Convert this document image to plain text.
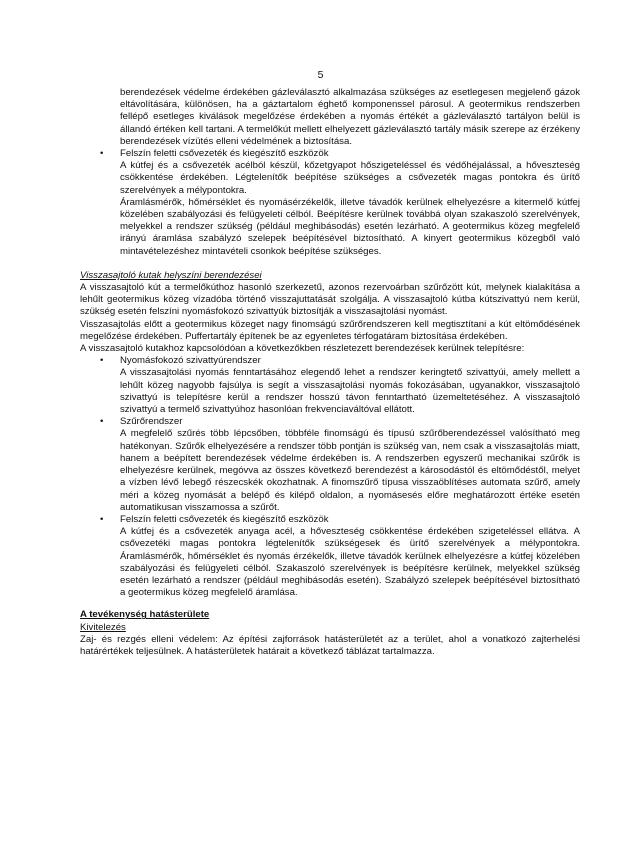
5

berendezések védelme érdekében gázleválasztó alkalmazása szükséges az esetlegesen megjelenő gázok eltávolítására, különösen, ha a gáztartalom éghető komponenssel párosul. A geotermikus rendszerben fellépő esetleges kiválások megelőzése érdekében a nyomás értékét a gázleválasztó tartályon belül is állandó értéken kell tartani. A termelőkút mellett elhelyezett gázleválasztó tartály másik szerepe az érzékeny berendezések vízütés elleni védelmének a biztosítása.

• Felszín feletti csővezeték és kiegészítő eszközök

A kútfej és a csővezeték acélból készül, kőzetgyapot hőszigeteléssel és védőhéjalással, a hőveszteség csökkentése érdekében. Légtelenítők beépítése szükséges a csővezeték magas pontokra és ürítő szerelvények a mélypontokra.

Áramlásmérők, hőmérséklet és nyomásérzékelők, illetve távadók kerülnek elhelyezésre a kitermelő kútfej közelében szabályozási és felügyeleti célból. Beépítésre kerülnek továbbá olyan szakaszoló szerelvények, melyekkel a rendszer szükség (például meghibásodás) esetén lezárható. A geotermikus közeg megfelelő irányú áramlása szabályzó szelepek beépítésével biztosítható. A kinyert geotermikus közegből való mintavételezéshez mintavételi csonkok beépítése szükséges.

Visszasajtoló kutak helyszíni berendezései

A visszasajtoló kút a termelőkúthoz hasonló szerkezetű, azonos rezervoárban szűrőzött kút, melynek kialakítása a lehűlt geotermikus közeg vízadóba történő visszajuttatását szolgálja. A visszasajtoló kútba kútszivattyú nem kerül, szükség esetén felszíni nyomásfokozó szivattyúk biztosítják a visszasajtolási nyomást.

Visszasajtolás előtt a geotermikus közeget nagy finomságú szűrőrendszeren kell megtisztítani a kút eltömődésének megelőzése érdekében. Puffertartály építenek be az egyenletes térfogatáram biztosítása érdekében.

A visszasajtoló kutakhoz kapcsolódóan a következőkben részletezett berendezések kerülnek telepítésre:

• Nyomásfokozó szivattyúrendszer

A visszasajtolási nyomás fenntartásához elegendő lehet a rendszer keringtető szivattyúi, amely mellett a lehűlt közeg nagyobb fajsúlya is segít a visszasajtolási nyomás fokozásában, ugyanakkor, visszasajtoló szivattyú is telepítésre kerül a rendszer hosszú távon fenntartható üzemeltetéséhez. A visszasajtoló szivattyú a termelő szivattyúhoz hasonlóan frekvenciaváltóval ellátott.

• Szűrőrendszer

A megfelelő szűrés több lépcsőben, többféle finomságú és típusú szűrőberendezéssel valósítható meg hatékonyan. Szűrők elhelyezésére a rendszer több pontján is szükség van, nem csak a visszasajtolás miatt, hanem a beépített berendezések védelme érdekében is. A rendszerben egyszerű mechanikai szűrők is elhelyezésre kerülnek, megóvva az összes következő berendezést a károsodástól és eltömődéstől, melyet a vízben lévő lebegő részecskék okozhatnak. A finomszűrő típusa visszaöblítéses automata szűrő, amely méri a közeg nyomását a belépő és kilépő oldalon, a nyomásesés előre meghatározott értéke esetén automatikusan visszamossa a szűrőt.

• Felszín feletti csővezeték és kiegészítő eszközök

A kútfej és a csővezeték anyaga acél, a hőveszteség csökkentése érdekében szigeteléssel ellátva. A csővezetéki magas pontokra légtelenítők szükségesek és ürítő szerelvények a mélypontokra. Áramlásmérők, hőmérséklet és nyomás érzékelők, illetve távadók kerülnek elhelyezésre a kútfej közelében szabályozási és felügyeleti célból. Szakaszoló szerelvények is beépítésre kerülnek, melyekkel szükség esetén lezárható a rendszer (például meghibásodás esetén). Szabályzó szelepek beépítésével biztosítható a geotermikus közeg megfelelő áramlása.

A tevékenység hatásterülete

Kivitelezés

Zaj- és rezgés elleni védelem: Az építési zajforrások hatásterületét az a terület, ahol a vonatkozó zajterhelési határértékek teljesülnek. A hatásterületek határait a következő táblázat tartalmazza.
